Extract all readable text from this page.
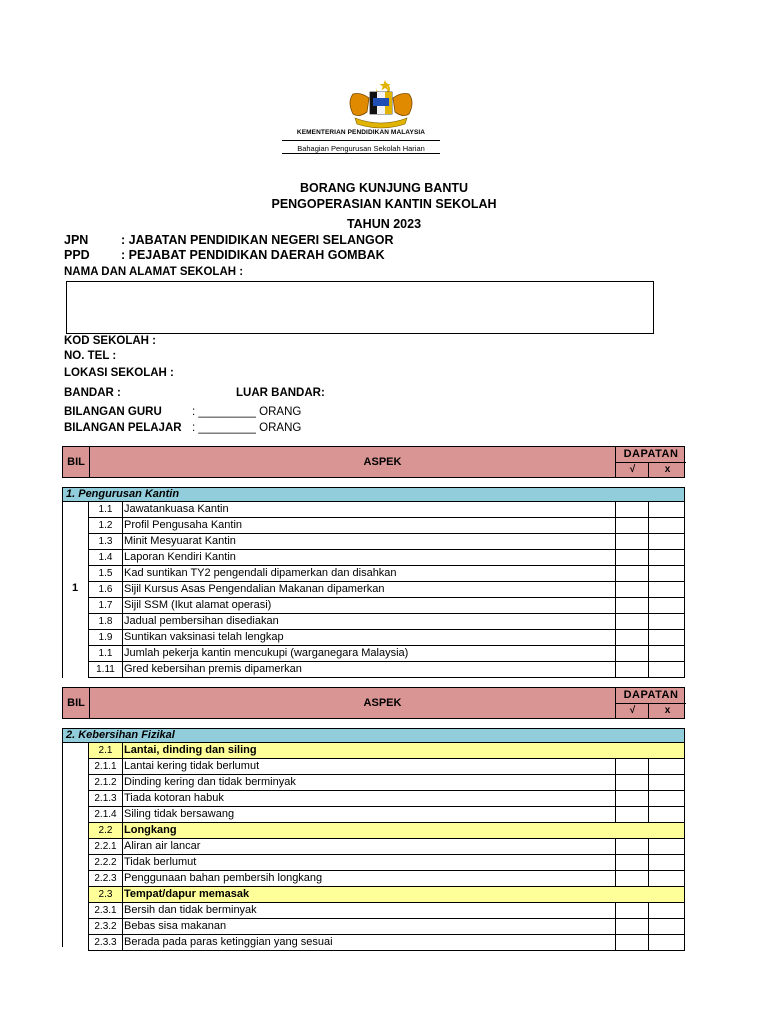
KEMENTERIAN PENDIDIKAN MALAYSIA
Bahagian Pengurusan Sekolah Harian
BORANG KUNJUNG BANTU
PENGOPERASIAN KANTIN SEKOLAH
TAHUN 2023
JPN	: JABATAN PENDIDIKAN NEGERI SELANGOR
PPD	: PEJABAT PENDIDIKAN DAERAH GOMBAK
NAMA DAN ALAMAT SEKOLAH :
KOD SEKOLAH :
NO. TEL :
LOKASI SEKOLAH :
BANDAR :	LUAR BANDAR:
BILANGAN GURU	: _________ ORANG
BILANGAN PELAJAR : _________ ORANG
BIL	ASPEK
DAPATAN
√	x
1. Pengurusan Kantin
1.1	Jawatankuasa Kantin
1.2	Profil Pengusaha Kantin
1.3	Minit Mesyuarat Kantin
1.4	Laporan Kendiri Kantin
1.5	Kad suntikan TY2 pengendali dipamerkan dan disahkan
1.6	Sijil Kursus Asas Pengendalian Makanan dipamerkan
1.7	Sijil SSM (Ikut alamat operasi)
1.8	Jadual pembersihan disediakan
1.9	Suntikan vaksinasi telah lengkap
1.1	Jumlah pekerja kantin mencukupi (warganegara Malaysia)
1.11 Gred kebersihan premis dipamerkan
1
BIL	ASPEK
DAPATAN
√	x
2. Kebersihan Fizikal
2.1	Lantai, dinding dan siling
2.1.1 Lantai kering tidak berlumut
2.1.2 Dinding kering dan tidak berminyak
2.1.3 Tiada kotoran habuk
2.1.4 Siling tidak bersawang
2.2	Longkang
2.2.1 Aliran air lancar
2.2.2 Tidak berlumut
2.2.3 Penggunaan bahan pembersih longkang
2.3	Tempat/dapur memasak
2.3.1 Bersih dan tidak berminyak
2.3.2 Bebas sisa makanan
2.3.3 Berada pada paras ketinggian yang sesuai
